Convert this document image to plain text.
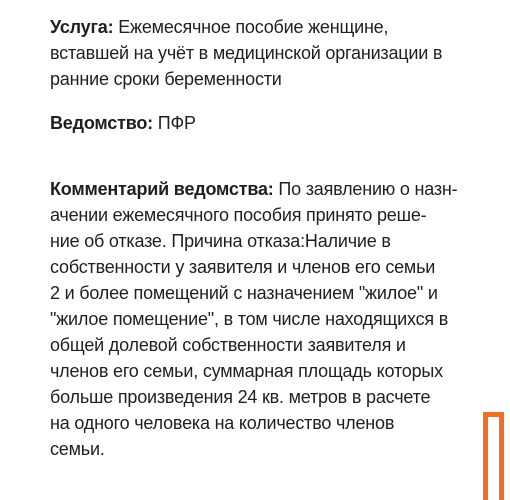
Услуга: Ежемесячное пособие женщине, вставшей на учёт в медицинской организации в ранние сроки беременности

Ведомство: ПФР

Комментарий ведомства: По заявлению о назн-
ачении ежемесячного пособия принято реше-
ние об отказе. Причина отказа:Наличие в
собственности у заявителя и членов его семьи
2 и более помещений с назначением "жилое" и
"жилое помещение", в том числе находящихся в
общей долевой собственности заявителя и
членов его семьи, суммарная площадь которых
больше произведения 24 кв. метров в расчете
на одного человека на количество членов
семьи.
